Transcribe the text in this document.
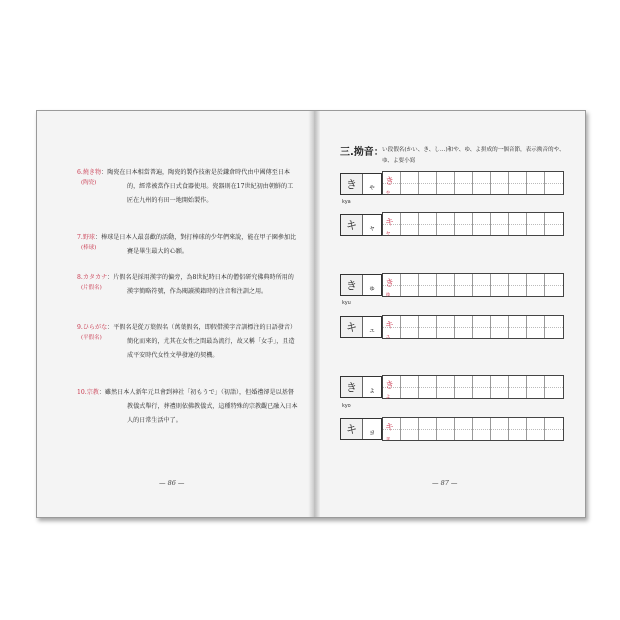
6.燒き物：陶瓷在日本相當普遍，陶瓷的製作技術是於鎌倉時代由中國傳至日本的，經常被當作日式食器使用。瓷器則在17世紀初由朝鮮的工匠在九州的有田一地開始製作。

(陶瓷)

7.野球：棒球是日本人最喜歡的活動，對打棒球的少年們來說，能在甲子園參加比賽是畢生最大的心願。

(棒球)

8.カタカナ：片假名是採用漢字的偏旁，為8世紀時日本的僧侶研究佛典時所用的漢字簡略符號，作為閱讀漢籍時的注音和注訓之用。

(片假名)

9.ひらがな：平假名是從万葉假名（萬葉假名，即假借漢字音訓標注的日語發音）簡化而來的，尤其在女性之間最為流行，故又稱「女手」，且造成平安時代女性文學發達的契機。

(平假名)

10.宗教：雖然日本人新年元旦會到神社「初もうで」（初詣），但婚禮卻是以基督教儀式舉行，葬禮則依佛教儀式，這種特殊的宗教觀已融入日本人的日常生活中了。

— 86 —
三.拗音：
い段假名(かい、き、し…)和や、ゆ、よ拼成的一個音節，表示拗音的や、ゆ、よ要小寫
き	ゃ
kya
キ	ャ
きゃ
キャ
き	ゅ
kyu
キ	ュ
きゅ
キュ
き	ょ
kyo
キ	ョ
きょ
キョ
— 87 —
